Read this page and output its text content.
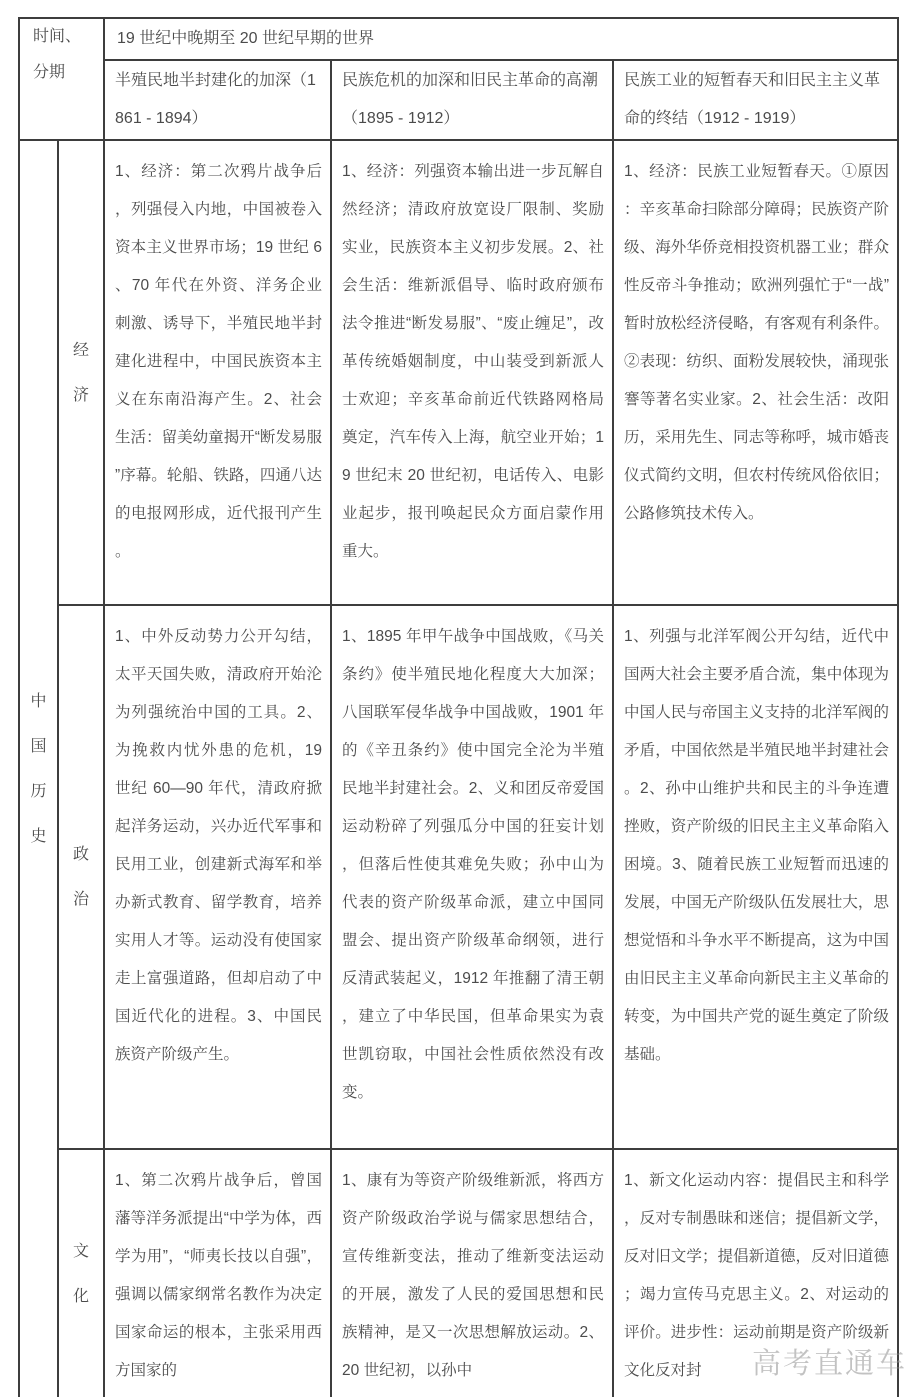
时间、
分期		19 世纪中晚期至 20 世纪早期的世界		

		半殖民地半封建化的加深（1861 - 1894）	民族危机的加深和旧民主革命的高潮（1895 - 1912）	民族工业的短暂春天和旧民主主义革命的终结（1912 - 1919）

中国历史	经济	1、经济：第二次鸦片战争后，列强侵入内地，中国被卷入资本主义世界市场；19 世纪 6、70 年代在外资、洋务企业刺激、诱导下，半殖民地半封建化进程中，中国民族资本主义在东南沿海产生。2、社会生活：留美幼童揭开“断发易服”序幕。轮船、铁路，四通八达的电报网形成，近代报刊产生。	1、经济：列强资本输出进一步瓦解自然经济；清政府放宽设厂限制、奖励实业，民族资本主义初步发展。2、社会生活：维新派倡导、临时政府颁布法令推进“断发易服”、“废止缠足”，改革传统婚姻制度，中山装受到新派人士欢迎；辛亥革命前近代铁路网格局奠定，汽车传入上海，航空业开始；19 世纪末 20 世纪初，电话传入、电影业起步，报刊唤起民众方面启蒙作用重大。	1、经济：民族工业短暂春天。①原因：辛亥革命扫除部分障碍；民族资产阶级、海外华侨竞相投资机器工业；群众性反帝斗争推动；欧洲列强忙于“一战”暂时放松经济侵略，有客观有利条件。②表现：纺织、面粉发展较快，涌现张謇等著名实业家。2、社会生活：改阳历，采用先生、同志等称呼，城市婚丧仪式简约文明，但农村传统风俗依旧；公路修筑技术传入。

	政治	1、中外反动势力公开勾结，太平天国失败，清政府开始沦为列强统治中国的工具。2、为挽救内忧外患的危机，19 世纪 60—90 年代，清政府掀起洋务运动，兴办近代军事和民用工业，创建新式海军和举办新式教育、留学教育，培养实用人才等。运动没有使国家走上富强道路，但却启动了中国近代化的进程。3、中国民族资产阶级产生。	1、1895 年甲午战争中国战败，《马关条约》使半殖民地化程度大大加深；八国联军侵华战争中国战败，1901 年的《辛丑条约》使中国完全沦为半殖民地半封建社会。2、义和团反帝爱国运动粉碎了列强瓜分中国的狂妄计划，但落后性使其难免失败；孙中山为代表的资产阶级革命派，建立中国同盟会、提出资产阶级革命纲领，进行反清武装起义，1912 年推翻了清王朝，建立了中华民国，但革命果实为袁世凯窃取，中国社会性质依然没有改变。	1、列强与北洋军阀公开勾结，近代中国两大社会主要矛盾合流，集中体现为中国人民与帝国主义支持的北洋军阀的矛盾，中国依然是半殖民地半封建社会。2、孙中山维护共和民主的斗争连遭挫败，资产阶级的旧民主主义革命陷入困境。3、随着民族工业短暂而迅速的发展，中国无产阶级队伍发展壮大，思想觉悟和斗争水平不断提高，这为中国由旧民主主义革命向新民主主义革命的转变，为中国共产党的诞生奠定了阶级基础。

	文化	1、第二次鸦片战争后，曾国藩等洋务派提出“中学为体，西学为用”，“师夷长技以自强”，强调以儒家纲常名教作为决定国家命运的根本，主张采用西方国家的	1、康有为等资产阶级维新派，将西方资产阶级政治学说与儒家思想结合，宣传维新变法，推动了维新变法运动的开展，激发了人民的爱国思想和民族精神，是又一次思想解放运动。2、20 世纪初，以孙中	1、新文化运动内容：提倡民主和科学，反对专制愚昧和迷信；提倡新文学，反对旧文学；提倡新道德，反对旧道德；竭力宣传马克思主义。2、对运动的评价。进步性：运动前期是资产阶级新文化反对封	高考直通车
